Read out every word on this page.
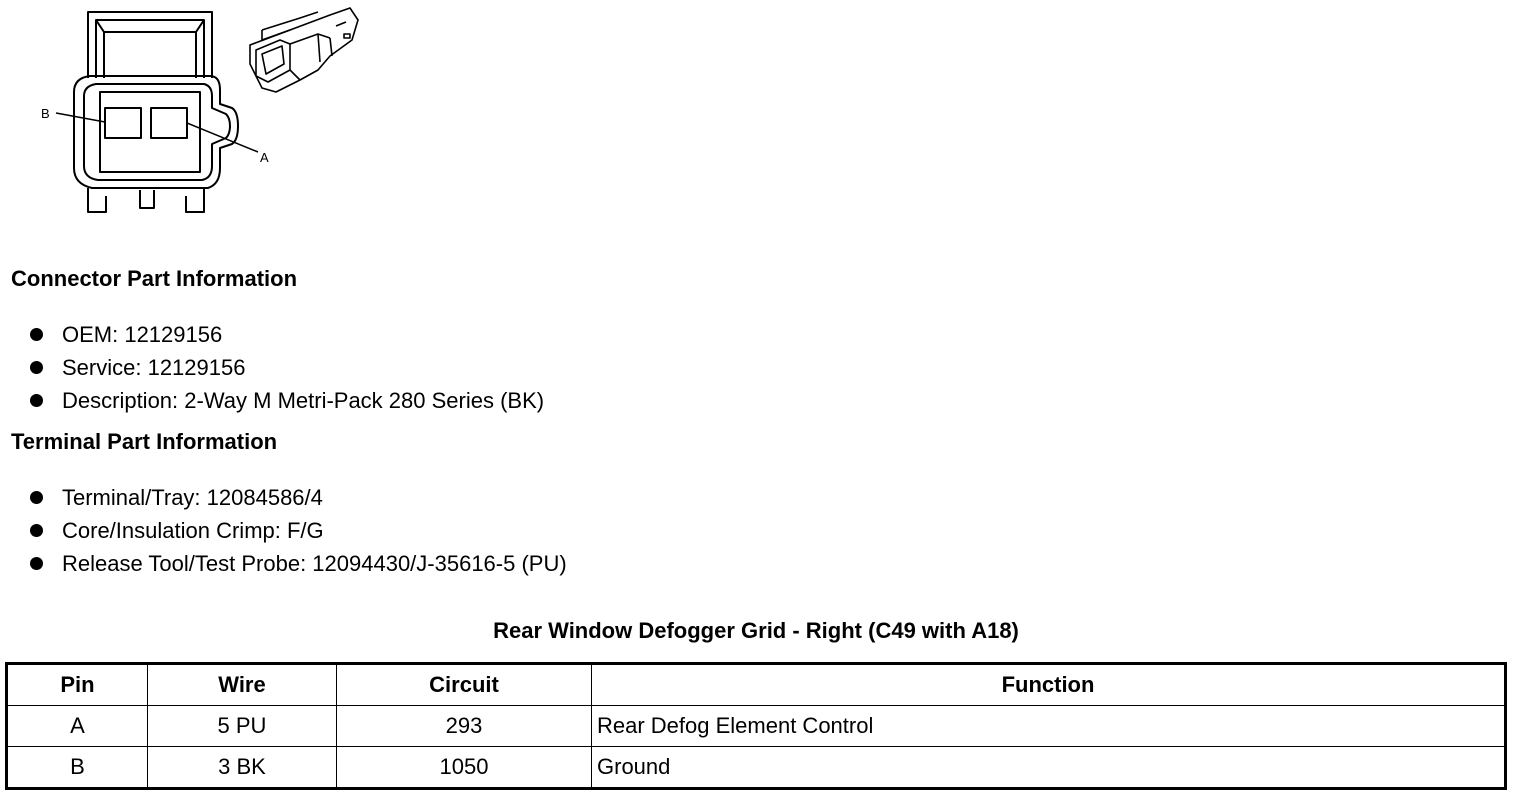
B
A
Connector Part Information
OEM: 12129156
Service: 12129156
Description: 2-Way M Metri-Pack 280 Series (BK)
Terminal Part Information
Terminal/Tray: 12084586/4
Core/Insulation Crimp: F/G
Release Tool/Test Probe: 12094430/J-35616-5 (PU)
Rear Window Defogger Grid - Right (C49 with A18)
Pin	Wire	Circuit	Function
A	5 PU	293	Rear Defog Element Control
B	3 BK	1050	Ground
